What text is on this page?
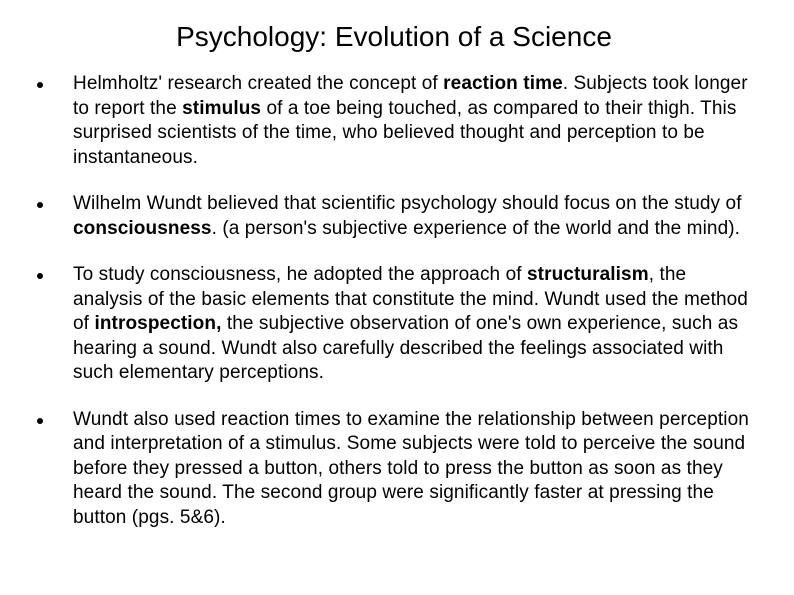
Psychology: Evolution of a Science
Helmholtz' research created the concept of reaction time. Subjects took longer to report the stimulus of a toe being touched, as compared to their thigh. This surprised scientists of the time, who believed thought and perception to be instantaneous.
Wilhelm Wundt believed that scientific psychology should focus on the study of consciousness. (a person's subjective experience of the world and the mind).
To study consciousness, he adopted the approach of structuralism, the analysis of the basic elements that constitute the mind. Wundt used the method of introspection, the subjective observation of one's own experience, such as hearing a sound. Wundt also carefully described the feelings associated with such elementary perceptions.
Wundt also used reaction times to examine the relationship between perception and interpretation of a stimulus. Some subjects were told to perceive the sound before they pressed a button, others told to press the button as soon as they heard the sound. The second group were significantly faster at pressing the button (pgs. 5&6).
